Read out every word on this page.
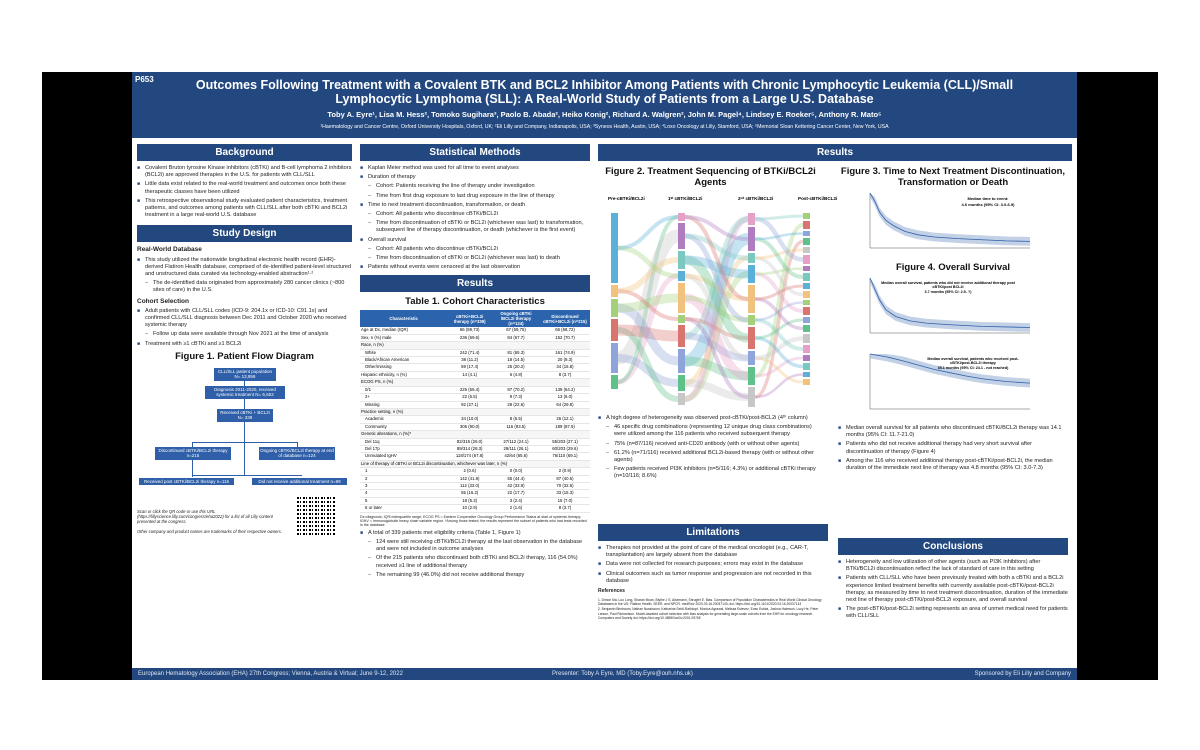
P653	Outcomes Following Treatment with a Covalent BTK and BCL2 Inhibitor Among Patients with Chronic Lymphocytic Leukemia (CLL)/Small Lymphocytic Lymphoma (SLL): A Real-World Study of Patients from a Large U.S. Database
Toby A. Eyre¹, Lisa M. Hess², Tomoko Sugihara³, Paolo B. Abada², Heiko Konig², Richard A. Walgren², John M. Pagel⁴, Lindsey E. Roeker⁵, Anthony R. Mato⁵
¹Haematology and Cancer Centre, Oxford University Hospitals, Oxford, UK; ²Eli Lilly and Company, Indianapolis, USA; ³Syneos Health, Austin, USA; ⁴Loxo Oncology at Lilly, Stamford, USA; ⁵Memorial Sloan Kettering Cancer Center, New York, USA
Background
■ Covalent Bruton tyrosine Kinase inhibitors (cBTKi) and B-cell lymphoma 2 inhibitors (BCL2i) are approved therapies in the U.S. for patients with CLL/SLL
■ Little data exist related to the real-world treatment and outcomes once both these therapeutic classes have been utilized
■ This retrospective observational study evaluated patient characteristics, treatment patterns, and outcomes among patients with CLL/SLL after both cBTKi and BCL2i treatment in a large real-world U.S. database
Study Design
Real-World Database
■ This study utilized the nationwide longitudinal electronic health record (EHR)-derived Flatiron Health database, comprised of de-identified patient-level structured and unstructured data curated via technology-enabled abstraction¹·²
– The de-identified data originated from approximately 280 cancer clinics (~800 sites of care) in the U.S.
Cohort Selection
■ Adult patients with CLL/SLL codes (ICD-9: 204.1x or ICD-10: C91.1x) and confirmed CLL/SLL diagnosis between Dec 2011 and October 2020 who received systemic therapy
– Follow up data were available through Nov 2021 at the time of analysis
■ Treatment with ≥1 cBTKi and ≥1 BCL2i
Figure 1. Patient Flow Diagram
CLL/SLL patient population N= 13,959
Diagnosis 2011-2020, received systemic treatment N= 6,652
Received cBTKi + BCL2i N= 339
Discontinued cBTKi/BCL2i therapy n=215
Ongoing cBTKi/BCL2i therapy at end of database n=124
Received post cBTKi/BCL2i therapy n=116	Did not receive additional treatment n=99
Scan or click the QR code or use this URL (https://lillyscience.lilly.com/congress/eha2022) for a list of all Lilly content presented at the congress.
Other company and product names are trademarks of their respective owners.
Statistical Methods
■ Kaplan Meier method was used for all time to event analyses
■ Duration of therapy
– Cohort: Patients receiving the line of therapy under investigation
– Time from first drug exposure to last drug exposure in the line of therapy
■ Time to next treatment discontinuation, transformation, or death
– Cohort: All patients who discontinue cBTKi/BCL2i
– Time from discontinuation of cBTKi or BCL2i (whichever was last) to transformation, subsequent line of therapy discontinuation, or death (whichever is the first event)
■ Overall survival
– Cohort: All patients who discontinue cBTKi/BCL2i
– Time from discontinuation of cBTKi or BCL2i (whichever was last) to death
■ Patients without events were censored at the last observation
Results
Table 1. Cohort Characteristics
Characteristic	cBTKi+BCL2i therapy (n=339)	Ongoing cBTKi /BCL2i therapy (n=124)	Discontinued cBTKi+BCL2i (n=215)
Age at Dx, median (IQR)	66 (59,73)	67 (59,75)	66 (58,72)
Sex, n (%) male	236 (69.6)	84 (67.7)	152 (70.7)
Race, n (%)			
White	242 (71.4)	81 (65.3)	161 (74.9)
Black/African American	38 (11.2)	18 (14.5)	20 (9.3)
Other/missing	59 (17.4)	25 (20.2)	34 (15.8)
Hispanic ethnicity, n (%)	14 (4.1)	6 (4.8)	8 (3.7)
ECOG PS, n (%)			
0/1	225 (66.4)	87 (70.2)	138 (64.2)
2+	22 (6.5)	9 (7.3)	13 (6.0)
Missing	92 (27.1)	28 (22.6)	64 (29.8)
Practice setting, n (%)			
Academic	34 (10.0)	8 (6.5)	26 (12.1)
Community	305 (90.0)	116 (93.5)	189 (87.9)
Genetic alterations, n (%)*			
Del 11q	82/315 (26.0)	27/112 (24.1)	55/203 (27.1)
Del 17p	89/314 (28.3)	29/111 (26.1)	60/203 (29.6)
Unmutated IgHV	118/174 (67.8)	42/64 (65.6)	76/110 (69.1)
Line of therapy of cBTKi or BCL2i discontinuation, whichever was later, n (%)			
1	2 (0.6)	0 (0.0)	2 (0.9)
2	142 (41.9)	55 (44.4)	87 (40.5)
3	112 (33.0)	42 (33.9)	70 (32.6)
4	55 (16.2)	22 (17.7)	33 (15.3)
5	18 (5.3)	3 (2.4)	15 (7.0)
6 or later	10 (2.9)	2 (1.6)	8 (3.7)
Dx=diagnosis; IQR=interquartile range; ECOG PS = Eastern Cooperative Oncology Group Performance Status at start of systemic therapy; IGHV = Immunoglobulin heavy chain variable region. *Among those tested; the results represent the subset of patients who had tests recorded in the database
■ A total of 339 patients met eligibility criteria (Table 1, Figure 1)
– 124 were still receiving cBTKi/BCL2i therapy at the last observation in the database and were not included in outcome analyses
– Of the 215 patients who discontinued both cBTKi and BCL2i therapy, 116 (54.0%) received ≥1 line of additional therapy
– The remaining 99 (46.0%) did not receive additional therapy
Results
Figure 2. Treatment Sequencing of BTKi/BCL2i Agents
Pre-cBTKi/BCL2i	1ˢᵗ cBTKi/BCL2i	2ⁿᵈ cBTKi/BCL2i	Post-cBTKi/BCL2i
■ A high degree of heterogeneity was observed post-cBTKi/post-BCL2i (4ᵗʰ column)
– 46 specific drug combinations (representing 12 unique drug class combinations) were utilized among the 116 patients who received subsequent therapy
– 75% (n=87/116) received anti-CD20 antibody (with or without other agents)
– 61.2% (n=71/116) received additional BCL2i-based therapy (with or without other agents)
– Few patients received PI3K inhibitors (n=5/116; 4.3%) or additional cBTKi therapy (n=10/116; 8.6%)
Limitations
■ Therapies not provided at the point of care of the medical oncologist (e.g., CAR-T, transplantation) are largely absent from the database
■ Data were not collected for research purposes; errors may exist in the database
■ Clinical outcomes such as tumor response and progression are not recorded in this database
References
1. Dimon Ma, Luo Long, Sharan Mcan, Blythe J S, Aisemann, Shruglet E. Bias. Comparison of Population Characteristics in Real World Clinical Oncology Databases in the US: Flatiron Health, SEER, and NPCR. medRxiv 2020.03.16.20037143; doi: https://doi.org/10.1101/2020.03.16.20037143
2. Benjamin Birnbaum, Nathan Nussbaum, Katharina Seidl-Rathkopf, Monica Agrawal, Melissa Estevez, Evan Estola, Joshua Haimson, Lucy He, Peter Larson, Paul Richardson. Model-assisted cohort selection with bias analysis for generating large-scale cohorts from the EHR for oncology research. Computers and Society doi: https://doi.org/10.48550/arXiv.2001.09765
Figure 3. Time to Next Treatment Discontinuation, Transformation or Death
Median time to event:
4.6 months (95% CI: 3.0-6.9)
Figure 4. Overall Survival
Median overall survival, patients who did not receive additional therapy post cBTKi/post BCL2i
3.7 months (95% CI: 2.5- ?)
Median overall survival, patients who received post-cBTKi/post-BCL2i therapy
35.1 months (95% CI: 24.1 - not reached)
■ Median overall survival for all patients who discontinued cBTKi/BCL2i therapy was 14.1 months (95% CI: 11.7-21.0)
■ Patients who did not receive additional therapy had very short survival after discontinuation of therapy (Figure 4)
■ Among the 116 who received additional therapy post-cBTKi/post-BCL2i, the median duration of the immediate next line of therapy was 4.8 months (95% CI: 3.0-7.3)
Conclusions
■ Heterogeneity and low utilization of other agents (such as PI3K inhibitors) after BTKi/BCL2i discontinuation reflect the lack of standard of care in this setting
■ Patients with CLL/SLL who have been previously treated with both a cBTKi and a BCL2i experience limited treatment benefits with currently available post-cBTKi/post-BCL2i therapy, as measured by time to next treatment discontinuation, duration of the immediate next line of therapy post-cBTKi/post-BCL2i exposure, and overall survival
■ The post-cBTKi/post-BCL2i setting represents an area of unmet medical need for patients with CLL/SLL
European Hematology Association (EHA) 27th Congress; Vienna, Austria & Virtual; June 9-12, 2022	Presenter: Toby A Eyre, MD (Toby.Eyre@ouh.nhs.uk)	Sponsored by Eli Lilly and Company
